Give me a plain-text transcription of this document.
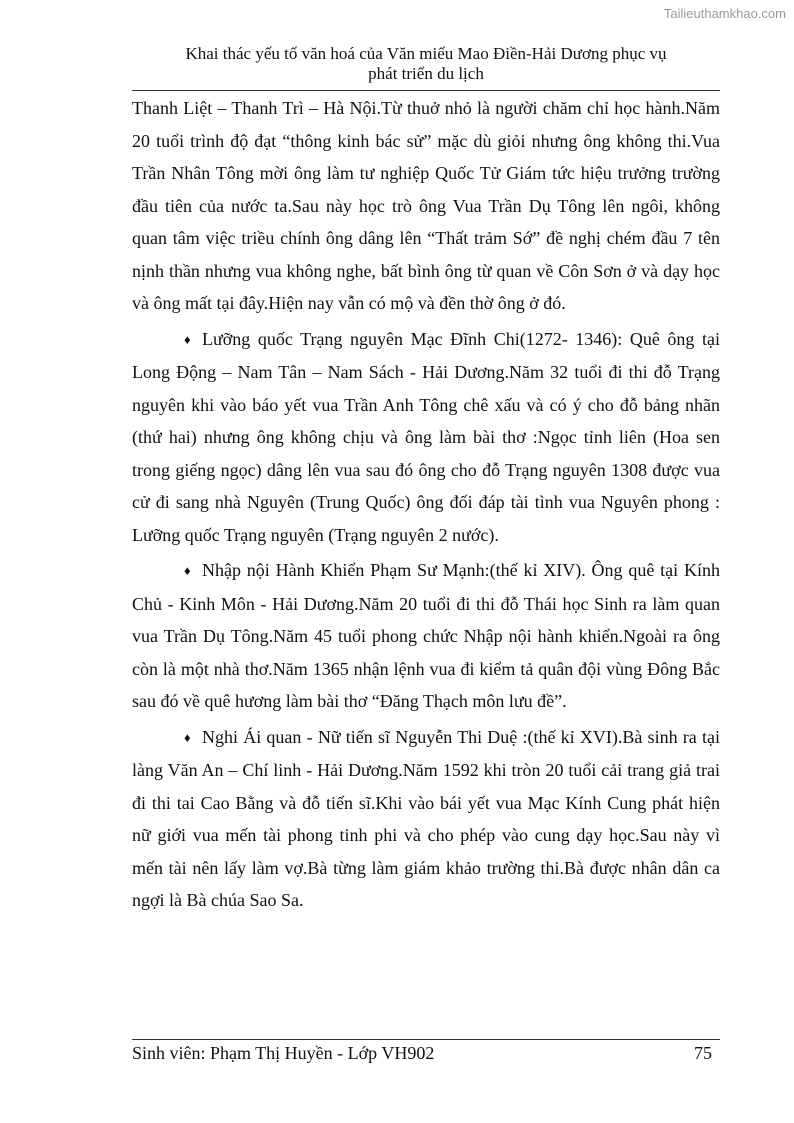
Tailieuthamkhao.com
Khai thác yếu tố văn hoá của Văn miếu Mao Điền-Hải Dương phục vụ
phát triển du lịch

Thanh Liệt – Thanh Trì – Hà Nội.Từ thuở nhỏ là người chăm chỉ học hành.Năm 20 tuổi trình độ đạt “thông kinh bác sử” mặc dù giỏi nhưng ông không thi.Vua Trần Nhân Tông mời ông làm tư nghiệp Quốc Tử Giám tức hiệu trưởng trường đầu tiên của nước ta.Sau này học trò ông Vua Trần Dụ Tông lên ngôi, không quan tâm việc triều chính ông dâng lên “Thất trảm Sớ” đề nghị chém đầu 7 tên nịnh thần nhưng vua không nghe, bất bình ông từ quan về Côn Sơn ở và dạy học và ông mất tại đây.Hiện nay vẫn có mộ và đền thờ ông ở đó.

♦ Lưỡng quốc Trạng nguyên Mạc Đĩnh Chi(1272- 1346): Quê ông tại Long Động – Nam Tân – Nam Sách - Hải Dương.Năm 32 tuổi đi thi đỗ Trạng nguyên khi vào báo yết vua Trần Anh Tông chê xấu và có ý cho đỗ bảng nhãn (thứ hai) nhưng ông không chịu và ông làm bài thơ :Ngọc tỉnh liên (Hoa sen trong giếng ngọc) dâng lên vua sau đó ông cho đỗ Trạng nguyên 1308 được vua cử đi sang nhà Nguyên (Trung Quốc) ông đối đáp tài tình vua Nguyên phong : Lưỡng quốc Trạng nguyên (Trạng nguyên 2 nước).

♦ Nhập nội Hành Khiển Phạm Sư Mạnh:(thế kỉ XIV). Ông quê tại Kính Chủ - Kinh Môn - Hải Dương.Năm 20 tuổi đi thi đỗ Thái học Sinh ra làm quan vua Trần Dụ Tông.Năm 45 tuổi phong chức Nhập nội hành khiển.Ngoài ra ông còn là một nhà thơ.Năm 1365 nhận lệnh vua đi kiểm tả quân đội vùng Đông Bắc sau đó về quê hương làm bài thơ “Đăng Thạch môn lưu đề”.

♦ Nghi Ái quan - Nữ tiến sĩ Nguyễn Thi Duệ :(thế kỉ XVI).Bà sinh ra tại làng Văn An – Chí linh - Hải Dương.Năm 1592 khi tròn 20 tuổi cải trang giả trai đi thi tai Cao Bằng và đỗ tiến sĩ.Khi vào bái yết vua Mạc Kính Cung phát hiện nữ giới vua mến tài phong tinh phi và cho phép vào cung dạy học.Sau này vì mến tài nên lấy làm vợ.Bà từng làm giám khảo trường thi.Bà được nhân dân ca ngợi là Bà chúa Sao Sa.

Sinh viên: Phạm Thị Huyền - Lớp VH902	75
